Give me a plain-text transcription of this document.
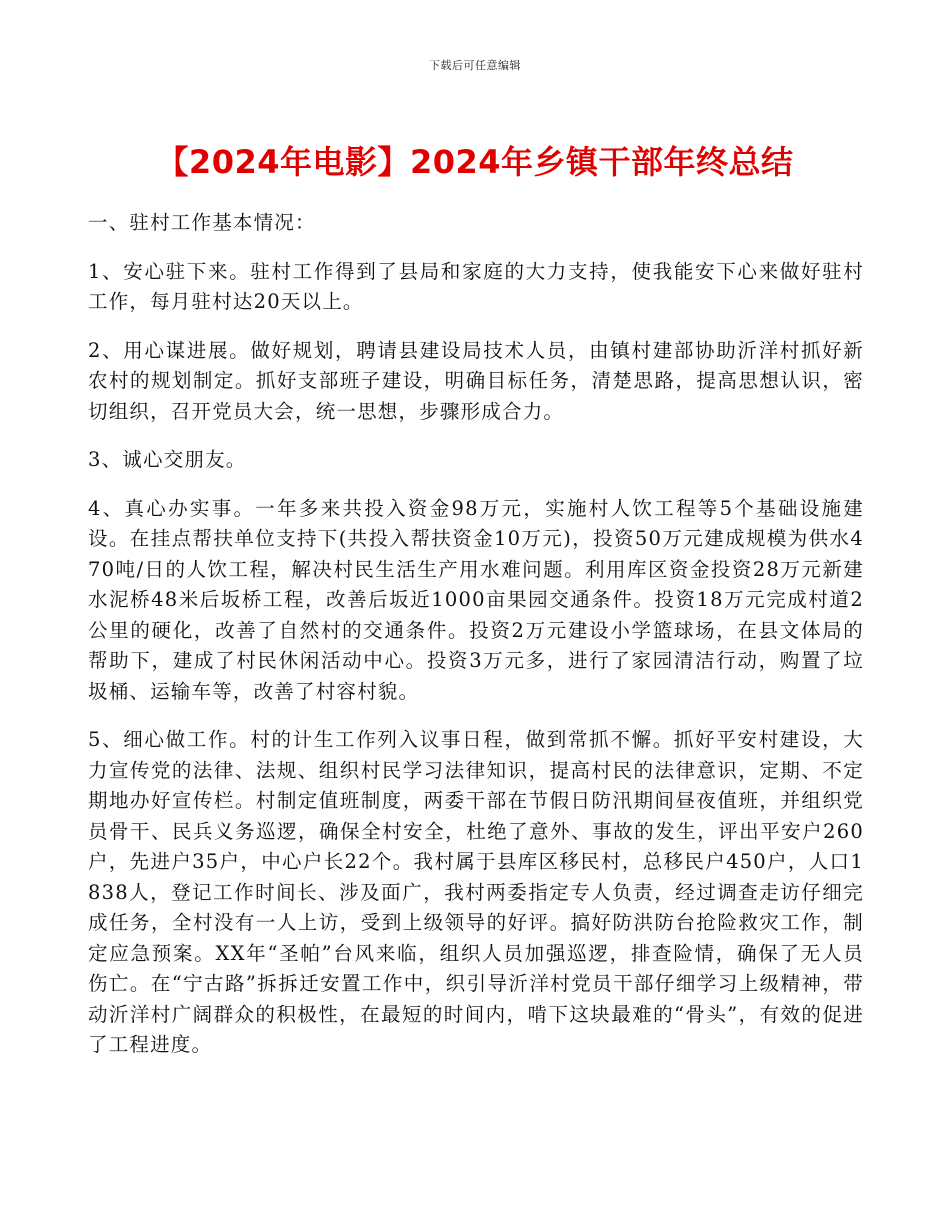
下载后可任意编辑
【2024年电影】2024年乡镇干部年终总结

一、驻村工作基本情况：

1、安心驻下来。驻村工作得到了县局和家庭的大力支持，使我能安下心来做好驻村工作，每月驻村达20天以上。

2、用心谋进展。做好规划，聘请县建设局技术人员，由镇村建部协助沂洋村抓好新农村的规划制定。抓好支部班子建设，明确目标任务，清楚思路，提高思想认识，密切组织，召开党员大会，统一思想，步骤形成合力。

3、诚心交朋友。

4、真心办实事。一年多来共投入资金98万元，实施村人饮工程等5个基础设施建设。在挂点帮扶单位支持下(共投入帮扶资金10万元)，投资50万元建成规模为供水470吨/日的人饮工程，解决村民生活生产用水难问题。利用库区资金投资28万元新建水泥桥48米后坂桥工程，改善后坂近1000亩果园交通条件。投资18万元完成村道2公里的硬化，改善了自然村的交通条件。投资2万元建设小学篮球场，在县文体局的帮助下，建成了村民休闲活动中心。投资3万元多，进行了家园清洁行动，购置了垃圾桶、运输车等，改善了村容村貌。

5、细心做工作。村的计生工作列入议事日程，做到常抓不懈。抓好平安村建设，大力宣传党的法律、法规、组织村民学习法律知识，提高村民的法律意识，定期、不定期地办好宣传栏。村制定值班制度，两委干部在节假日防汛期间昼夜值班，并组织党员骨干、民兵义务巡逻，确保全村安全，杜绝了意外、事故的发生，评出平安户260户，先进户35户，中心户长22个。我村属于县库区移民村，总移民户450户，人口1838人，登记工作时间长、涉及面广，我村两委指定专人负责，经过调查走访仔细完成任务，全村没有一人上访，受到上级领导的好评。搞好防洪防台抢险救灾工作，制定应急预案。XX年“圣帕”台风来临，组织人员加强巡逻，排查险情，确保了无人员伤亡。在“宁古路”拆拆迁安置工作中，织引导沂洋村党员干部仔细学习上级精神，带动沂洋村广阔群众的积极性，在最短的时间内，啃下这块最难的“骨头”，有效的促进了工程进度。
